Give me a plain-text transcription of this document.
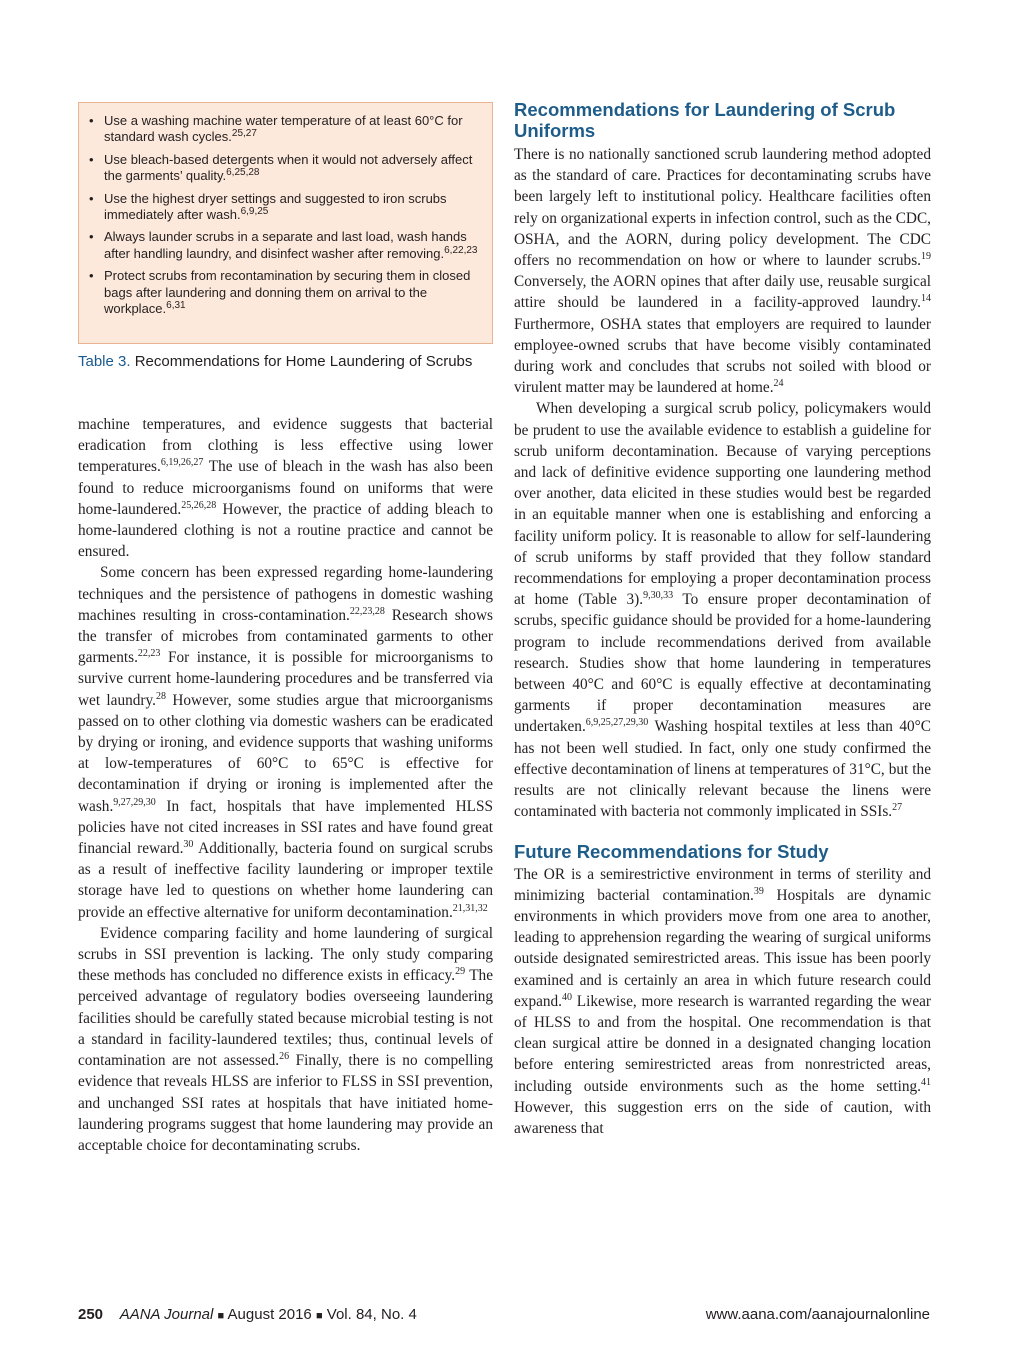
• Use a washing machine water temperature of at least 60°C for standard wash cycles.$^{25,27}$
• Use bleach-based detergents when it would not adversely affect the garments’ quality.$^{6,25,28}$
• Use the highest dryer settings and suggested to iron scrubs immediately after wash.$^{6,9,25}$
• Always launder scrubs in a separate and last load, wash hands after handling laundry, and disinfect washer after removing.$^{6,22,23}$
• Protect scrubs from recontamination by securing them in closed bags after laundering and donning them on arrival to the workplace.$^{6,31}$
Table 3. Recommendations for Home Laundering of Scrubs

machine temperatures, and evidence suggests that bacterial eradication from clothing is less effective using lower temperatures.$^{6,19,26,27}$ The use of bleach in the wash has also been found to reduce microorganisms found on uniforms that were home-laundered.$^{25,26,28}$ However, the practice of adding bleach to home-laundered clothing is not a routine practice and cannot be ensured.

Some concern has been expressed regarding home-laundering techniques and the persistence of pathogens in domestic washing machines resulting in cross-contamination.$^{22,23,28}$ Research shows the transfer of microbes from contaminated garments to other garments.$^{22,23}$ For instance, it is possible for microorganisms to survive current home-laundering procedures and be transferred via wet laundry.$^{28}$ However, some studies argue that microorganisms passed on to other clothing via domestic washers can be eradicated by drying or ironing, and evidence supports that washing uniforms at low-temperatures of 60°C to 65°C is effective for decontamination if drying or ironing is implemented after the wash.$^{9,27,29,30}$ In fact, hospitals that have implemented HLSS policies have not cited increases in SSI rates and have found great financial reward.$^{30}$ Additionally, bacteria found on surgical scrubs as a result of ineffective facility laundering or improper textile storage have led to questions on whether home laundering can provide an effective alternative for uniform decontamination.$^{21,31,32}$

Evidence comparing facility and home laundering of surgical scrubs in SSI prevention is lacking. The only study comparing these methods has concluded no difference exists in efficacy.$^{29}$ The perceived advantage of regulatory bodies overseeing laundering facilities should be carefully stated because microbial testing is not a standard in facility-laundered textiles; thus, continual levels of contamination are not assessed.$^{26}$ Finally, there is no compelling evidence that reveals HLSS are inferior to FLSS in SSI prevention, and unchanged SSI rates at hospitals that have initiated home-laundering programs suggest that home laundering may provide an acceptable choice for decontaminating scrubs.

Recommendations for Laundering of Scrub Uniforms

There is no nationally sanctioned scrub laundering method adopted as the standard of care. Practices for decontaminating scrubs have been largely left to institutional policy. Healthcare facilities often rely on organizational experts in infection control, such as the CDC, OSHA, and the AORN, during policy development. The CDC offers no recommendation on how or where to launder scrubs.$^{19}$ Conversely, the AORN opines that after daily use, reusable surgical attire should be laundered in a facility-approved laundry.$^{14}$ Furthermore, OSHA states that employers are required to launder employee-owned scrubs that have become visibly contaminated during work and concludes that scrubs not soiled with blood or virulent matter may be laundered at home.$^{24}$

When developing a surgical scrub policy, policymakers would be prudent to use the available evidence to establish a guideline for scrub uniform decontamination. Because of varying perceptions and lack of definitive evidence supporting one laundering method over another, data elicited in these studies would best be regarded in an equitable manner when one is establishing and enforcing a facility uniform policy. It is reasonable to allow for self-laundering of scrub uniforms by staff provided that they follow standard recommendations for employing a proper decontamination process at home (Table 3).$^{9,30,33}$ To ensure proper decontamination of scrubs, specific guidance should be provided for a home-laundering program to include recommendations derived from available research. Studies show that home laundering in temperatures between 40°C and 60°C is equally effective at decontaminating garments if proper decontamination measures are undertaken.$^{6,9,25,27,29,30}$ Washing hospital textiles at less than 40°C has not been well studied. In fact, only one study confirmed the effective decontamination of linens at temperatures of 31°C, but the results are not clinically relevant because the linens were contaminated with bacteria not commonly implicated in SSIs.$^{27}$

Future Recommendations for Study

The OR is a semirestrictive environment in terms of sterility and minimizing bacterial contamination.$^{39}$ Hospitals are dynamic environments in which providers move from one area to another, leading to apprehension regarding the wearing of surgical uniforms outside designated semirestricted areas. This issue has been poorly examined and is certainly an area in which future research could expand.$^{40}$ Likewise, more research is warranted regarding the wear of HLSS to and from the hospital. One recommendation is that clean surgical attire be donned in a designated changing location before entering semirestricted areas from nonrestricted areas, including outside environments such as the home setting.$^{41}$ However, this suggestion errs on the side of caution, with awareness that

250 AANA Journal ■ August 2016 ■ Vol. 84, No. 4	www.aana.com/aanajournalonline
